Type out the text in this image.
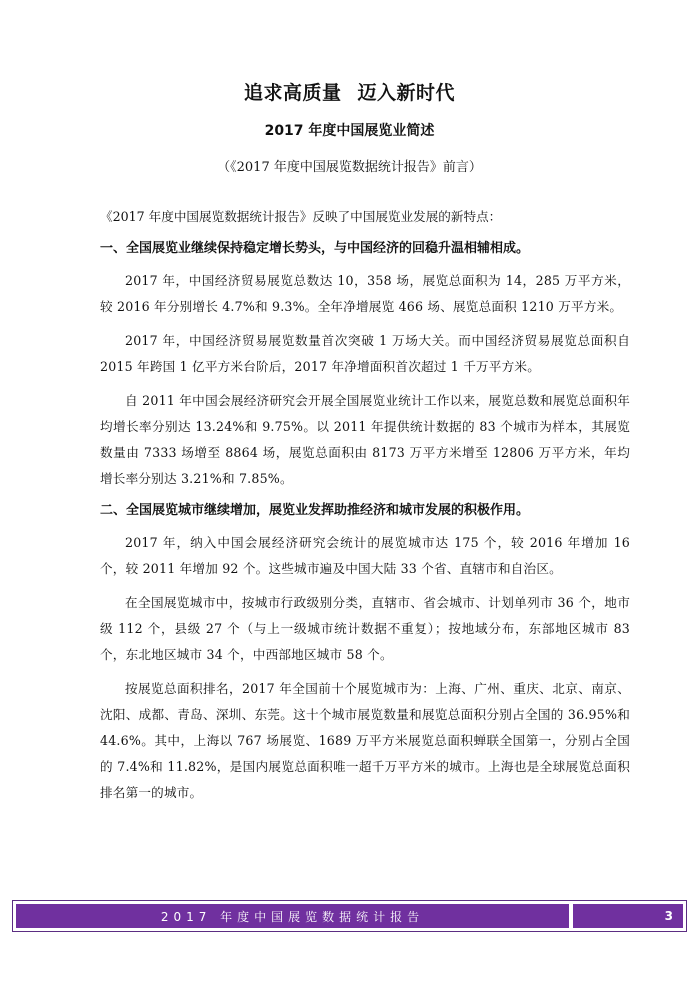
追求高质量 迈入新时代
2017 年度中国展览业简述
（《2017 年度中国展览数据统计报告》前言）

《2017 年度中国展览数据统计报告》反映了中国展览业发展的新特点：

一、全国展览业继续保持稳定增长势头，与中国经济的回稳升温相辅相成。

2017 年，中国经济贸易展览总数达 10，358 场，展览总面积为 14，285 万平方米，较 2016 年分别增长 4.7%和 9.3%。全年净增展览 466 场、展览总面积 1210 万平方米。

2017 年，中国经济贸易展览数量首次突破 1 万场大关。而中国经济贸易展览总面积自 2015 年跨国 1 亿平方米台阶后，2017 年净增面积首次超过 1 千万平方米。

自 2011 年中国会展经济研究会开展全国展览业统计工作以来，展览总数和展览总面积年均增长率分别达 13.24%和 9.75%。以 2011 年提供统计数据的 83 个城市为样本，其展览数量由 7333 场增至 8864 场，展览总面积由 8173 万平方米增至 12806 万平方米，年均增长率分别达 3.21%和 7.85%。

二、全国展览城市继续增加，展览业发挥助推经济和城市发展的积极作用。

2017 年，纳入中国会展经济研究会统计的展览城市达 175 个，较 2016 年增加 16 个，较 2011 年增加 92 个。这些城市遍及中国大陆 33 个省、直辖市和自治区。

在全国展览城市中，按城市行政级别分类，直辖市、省会城市、计划单列市 36 个，地市级 112 个，县级 27 个（与上一级城市统计数据不重复）；按地域分布，东部地区城市 83 个，东北地区城市 34 个，中西部地区城市 58 个。

按展览总面积排名，2017 年全国前十个展览城市为：上海、广州、重庆、北京、南京、沈阳、成都、青岛、深圳、东莞。这十个城市展览数量和展览总面积分别占全国的 36.95%和 44.6%。其中，上海以 767 场展览、1689 万平方米展览总面积蝉联全国第一，分别占全国的 7.4%和 11.82%，是国内展览总面积唯一超千万平方米的城市。上海也是全球展览总面积排名第一的城市。

2017 年度中国展览数据统计报告	3
